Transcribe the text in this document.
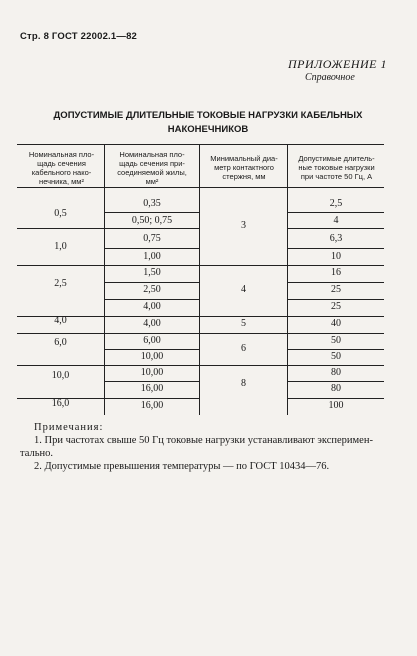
Стр. 8 ГОСТ 22002.1—82
ПРИЛОЖЕНИЕ 1
Справочное
ДОПУСТИМЫЕ ДЛИТЕЛЬНЫЕ ТОКОВЫЕ НАГРУЗКИ КАБЕЛЬНЫХ
НАКОНЕЧНИКОВ
Номинальная пло-
щадь сечения
кабельного нако-
нечника, мм²
Номинальная пло-
щадь сечения при-
соединяемой жилы,
мм²
Минимальный диа-
метр контактного
стержня, мм
Допустимые длитель-
ные токовые нагрузки
при частоте 50 Гц, А
0,5
1,0
2,5
4,0
6,0
10,0
16,0
0,35
0,50; 0,75
0,75
1,00
1,50
2,50
4,00
4,00
6,00
10,00
10,00
16,00
16,00
3
4
5
6
8
2,5
4
6,3
10
16
25
25
40
50
50
80
80
100
Примечания:
1. При частотах свыше 50 Гц токовые нагрузки устанавливают эксперимен-
тально.
2. Допустимые превышения температуры — по ГОСТ 10434—76.
